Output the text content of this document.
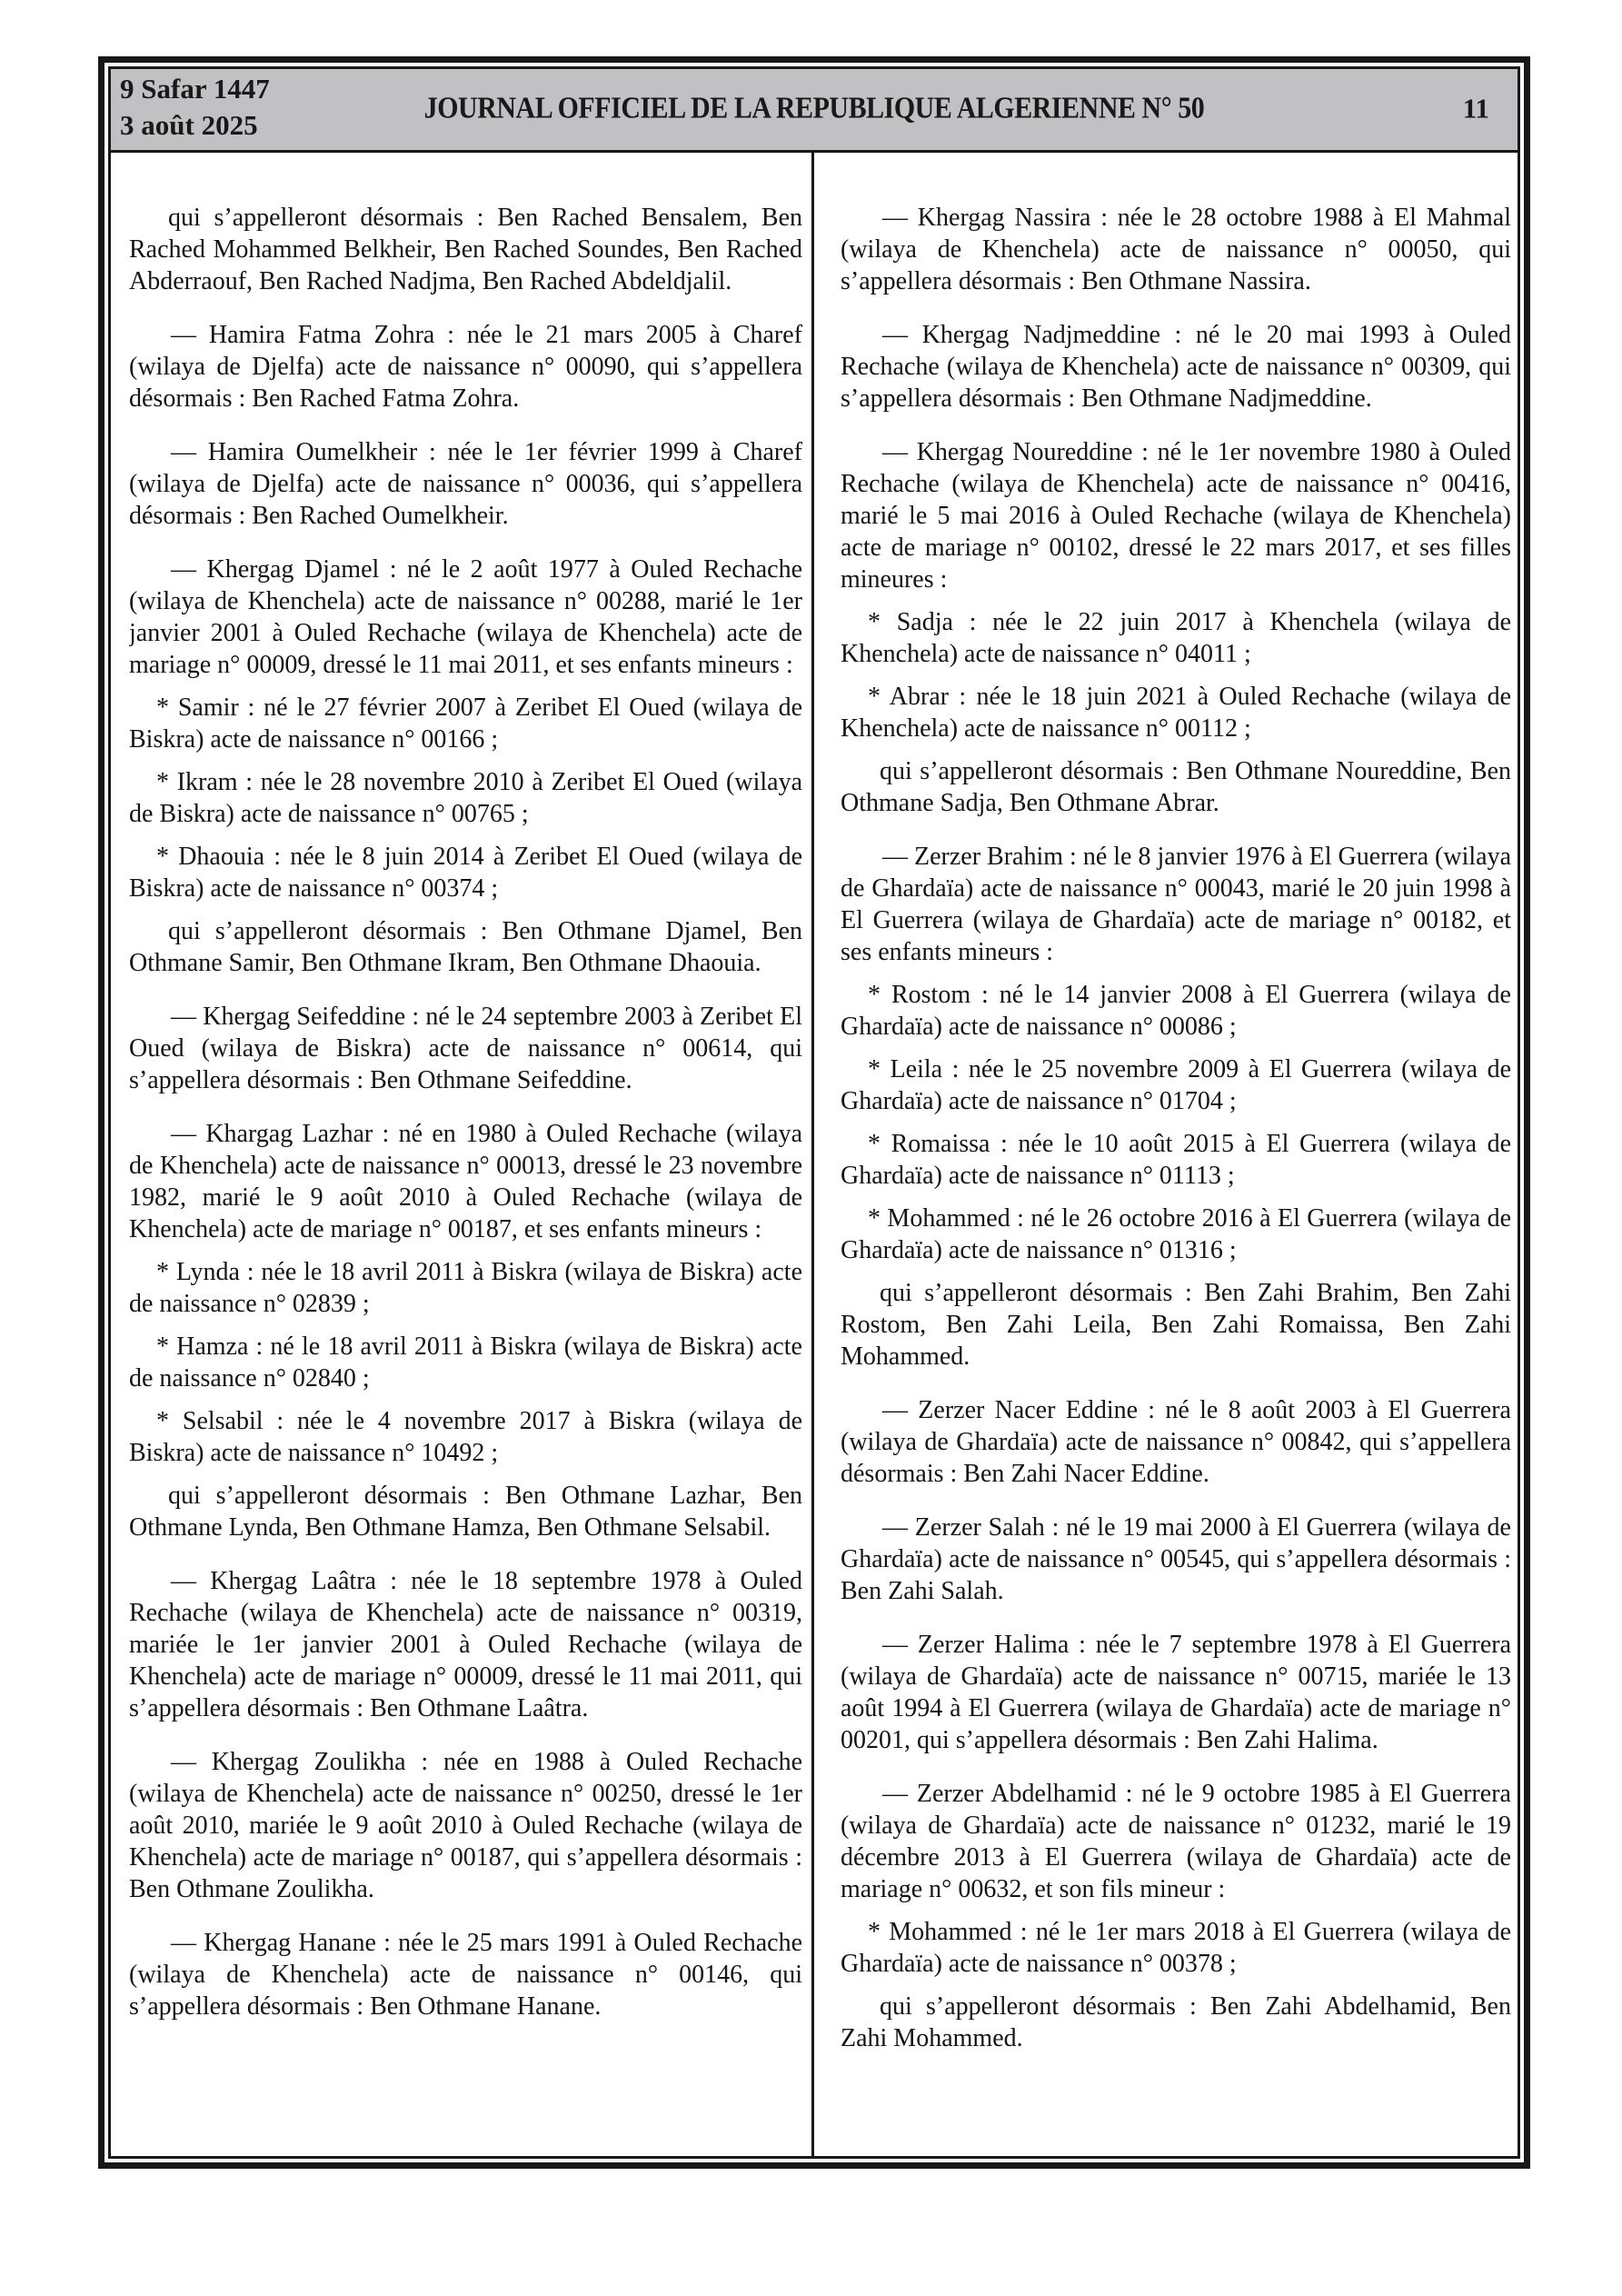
9 Safar 1447
3 août 2025
JOURNAL OFFICIEL DE LA REPUBLIQUE ALGERIENNE N° 50	11

qui s’appelleront désormais : Ben Rached Bensalem, Ben Rached Mohammed Belkheir, Ben Rached Soundes, Ben Rached Abderraouf, Ben Rached Nadjma, Ben Rached Abdeldjalil.

— Hamira Fatma Zohra : née le 21 mars 2005 à Charef (wilaya de Djelfa) acte de naissance n° 00090, qui s’appellera désormais : Ben Rached Fatma Zohra.

— Hamira Oumelkheir : née le 1er février 1999 à Charef (wilaya de Djelfa) acte de naissance n° 00036, qui s’appellera désormais : Ben Rached Oumelkheir.

— Khergag Djamel : né le 2 août 1977 à Ouled Rechache (wilaya de Khenchela) acte de naissance n° 00288, marié le 1er janvier 2001 à Ouled Rechache (wilaya de Khenchela) acte de mariage n° 00009, dressé le 11 mai 2011, et ses enfants mineurs :

* Samir : né le 27 février 2007 à Zeribet El Oued (wilaya de Biskra) acte de naissance n° 00166 ;

* Ikram : née le 28 novembre 2010 à Zeribet El Oued (wilaya de Biskra) acte de naissance n° 00765 ;

* Dhaouia : née le 8 juin 2014 à Zeribet El Oued (wilaya de Biskra) acte de naissance n° 00374 ;

qui s’appelleront désormais : Ben Othmane Djamel, Ben Othmane Samir, Ben Othmane Ikram, Ben Othmane Dhaouia.

— Khergag Seifeddine : né le 24 septembre 2003 à Zeribet El Oued (wilaya de Biskra) acte de naissance n° 00614, qui s’appellera désormais : Ben Othmane Seifeddine.

— Khargag Lazhar : né en 1980 à Ouled Rechache (wilaya de Khenchela) acte de naissance n° 00013, dressé le 23 novembre 1982, marié le 9 août 2010 à Ouled Rechache (wilaya de Khenchela) acte de mariage n° 00187, et ses enfants mineurs :

* Lynda : née le 18 avril 2011 à Biskra (wilaya de Biskra) acte de naissance n° 02839 ;

* Hamza : né le 18 avril 2011 à Biskra (wilaya de Biskra) acte de naissance n° 02840 ;

* Selsabil : née le 4 novembre 2017 à Biskra (wilaya de Biskra) acte de naissance n° 10492 ;

qui s’appelleront désormais : Ben Othmane Lazhar, Ben Othmane Lynda, Ben Othmane Hamza, Ben Othmane Selsabil.

— Khergag Laâtra : née le 18 septembre 1978 à Ouled Rechache (wilaya de Khenchela) acte de naissance n° 00319, mariée le 1er janvier 2001 à Ouled Rechache (wilaya de Khenchela) acte de mariage n° 00009, dressé le 11 mai 2011, qui s’appellera désormais : Ben Othmane Laâtra.

— Khergag Zoulikha : née en 1988 à Ouled Rechache (wilaya de Khenchela) acte de naissance n° 00250, dressé le 1er août 2010, mariée le 9 août 2010 à Ouled Rechache (wilaya de Khenchela) acte de mariage n° 00187, qui s’appellera désormais : Ben Othmane Zoulikha.

— Khergag Hanane : née le 25 mars 1991 à Ouled Rechache (wilaya de Khenchela) acte de naissance n° 00146, qui s’appellera désormais : Ben Othmane Hanane.

— Khergag Nassira : née le 28 octobre 1988 à El Mahmal (wilaya de Khenchela) acte de naissance n° 00050, qui s’appellera désormais : Ben Othmane Nassira.

— Khergag Nadjmeddine : né le 20 mai 1993 à Ouled Rechache (wilaya de Khenchela) acte de naissance n° 00309, qui s’appellera désormais : Ben Othmane Nadjmeddine.

— Khergag Noureddine : né le 1er novembre 1980 à Ouled Rechache (wilaya de Khenchela) acte de naissance n° 00416, marié le 5 mai 2016 à Ouled Rechache (wilaya de Khenchela) acte de mariage n° 00102, dressé le 22 mars 2017, et ses filles mineures :

* Sadja : née le 22 juin 2017 à Khenchela (wilaya de Khenchela) acte de naissance n° 04011 ;

* Abrar : née le 18 juin 2021 à Ouled Rechache (wilaya de Khenchela) acte de naissance n° 00112 ;

qui s’appelleront désormais : Ben Othmane Noureddine, Ben Othmane Sadja, Ben Othmane Abrar.

— Zerzer Brahim : né le 8 janvier 1976 à El Guerrera (wilaya de Ghardaïa) acte de naissance n° 00043, marié le 20 juin 1998 à El Guerrera (wilaya de Ghardaïa) acte de mariage n° 00182, et ses enfants mineurs :

* Rostom : né le 14 janvier 2008 à El Guerrera (wilaya de Ghardaïa) acte de naissance n° 00086 ;

* Leila : née le 25 novembre 2009 à El Guerrera (wilaya de Ghardaïa) acte de naissance n° 01704 ;

* Romaissa : née le 10 août 2015 à El Guerrera (wilaya de Ghardaïa) acte de naissance n° 01113 ;

* Mohammed : né le 26 octobre 2016 à El Guerrera (wilaya de Ghardaïa) acte de naissance n° 01316 ;

qui s’appelleront désormais : Ben Zahi Brahim, Ben Zahi Rostom, Ben Zahi Leila, Ben Zahi Romaissa, Ben Zahi Mohammed.

— Zerzer Nacer Eddine : né le 8 août 2003 à El Guerrera (wilaya de Ghardaïa) acte de naissance n° 00842, qui s’appellera désormais : Ben Zahi Nacer Eddine.

— Zerzer Salah : né le 19 mai 2000 à El Guerrera (wilaya de Ghardaïa) acte de naissance n° 00545, qui s’appellera désormais : Ben Zahi Salah.

— Zerzer Halima : née le 7 septembre 1978 à El Guerrera (wilaya de Ghardaïa) acte de naissance n° 00715, mariée le 13 août 1994 à El Guerrera (wilaya de Ghardaïa) acte de mariage n° 00201, qui s’appellera désormais : Ben Zahi Halima.

— Zerzer Abdelhamid : né le 9 octobre 1985 à El Guerrera (wilaya de Ghardaïa) acte de naissance n° 01232, marié le 19 décembre 2013 à El Guerrera (wilaya de Ghardaïa) acte de mariage n° 00632, et son fils mineur :

* Mohammed : né le 1er mars 2018 à El Guerrera (wilaya de Ghardaïa) acte de naissance n° 00378 ;

qui s’appelleront désormais : Ben Zahi Abdelhamid, Ben Zahi Mohammed.
